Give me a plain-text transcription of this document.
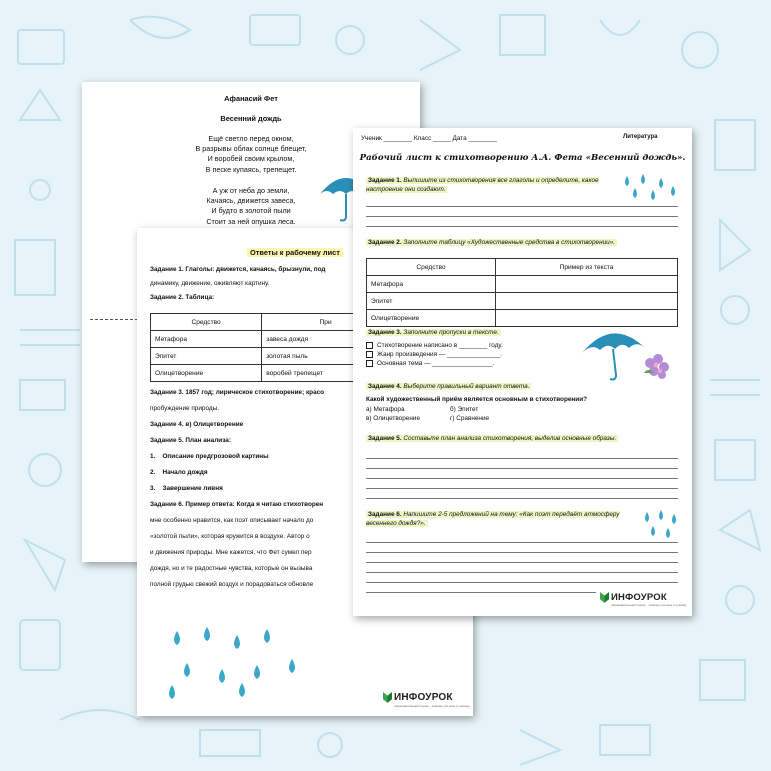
Афанасий Фет
Весенний дождь
Ещё светло перед окном,
В разрывы облак солнце блещет,
И воробей своим крылом,
В песке купаясь, трепещет.
А уж от неба до земли,
Качаясь, движется завеса,
И будто в золотой пыли
Стоит за ней опушка леса.
Ответы к рабочему лист
Задание 1. Глаголы: движется, качаясь, брызнули, под
динамику, движение, оживляют картину.
Задание 2. Таблица:
Средство	При
Метафора	завеса дождя
Эпитет	золотая пыль
Олицетворение	воробей трепещет
Задание 3. 1857 год; лирическое стихотворение; красо
пробуждение природы.
Задание 4. в) Олицетворение
Задание 5. План анализа:
1. Описание предгрозовой картины
2. Начало дождя
3. Завершение ливня
Задание 6. Пример ответа: Когда я читаю стихотворен
мне особенно нравится, как поэт описывает начало до
«золотой пыли», которая кружится в воздухе. Автор о
и движения природы. Мне кажется, что Фет сумел пер
дождя, но и те радостные чувства, которые он вызыва
полной грудью свежий воздух и порадоваться обновле
ИНФОУРОК
образовательный портал · помощь учителю и ученику
Ученик ________ Класс _____ Дата ________	Литература
Рабочий лист к стихотворению А.А. Фета «Весенний дождь».
Задание 1. Выпишите из стихотворения все глаголы и определите, какое настроение они создают.
Задание 2. Заполните таблицу «Художественные средства в стихотворении».
Средство	Пример из текста
Метафора	
Эпитет	
Олицетворение	
Задание 3. Заполните пропуски в тексте.
Стихотворение написано в ________ году.
Жанр произведения — _______________.
Основная тема — _________________.
Задание 4. Выберите правильный вариант ответа.
Какой художественный приём является основным в стихотворении?
а) Метафора	б) Эпитет
в) Олицетворение	г) Сравнение
Задание 5. Составьте план анализа стихотворения, выделив основные образы.
Задание 6. Напишите 2-5 предложений на тему: «Как поэт передаёт атмосферу весеннего дождя?».
ИНФОУРОК
образовательный портал · помощь учителю и ученику
